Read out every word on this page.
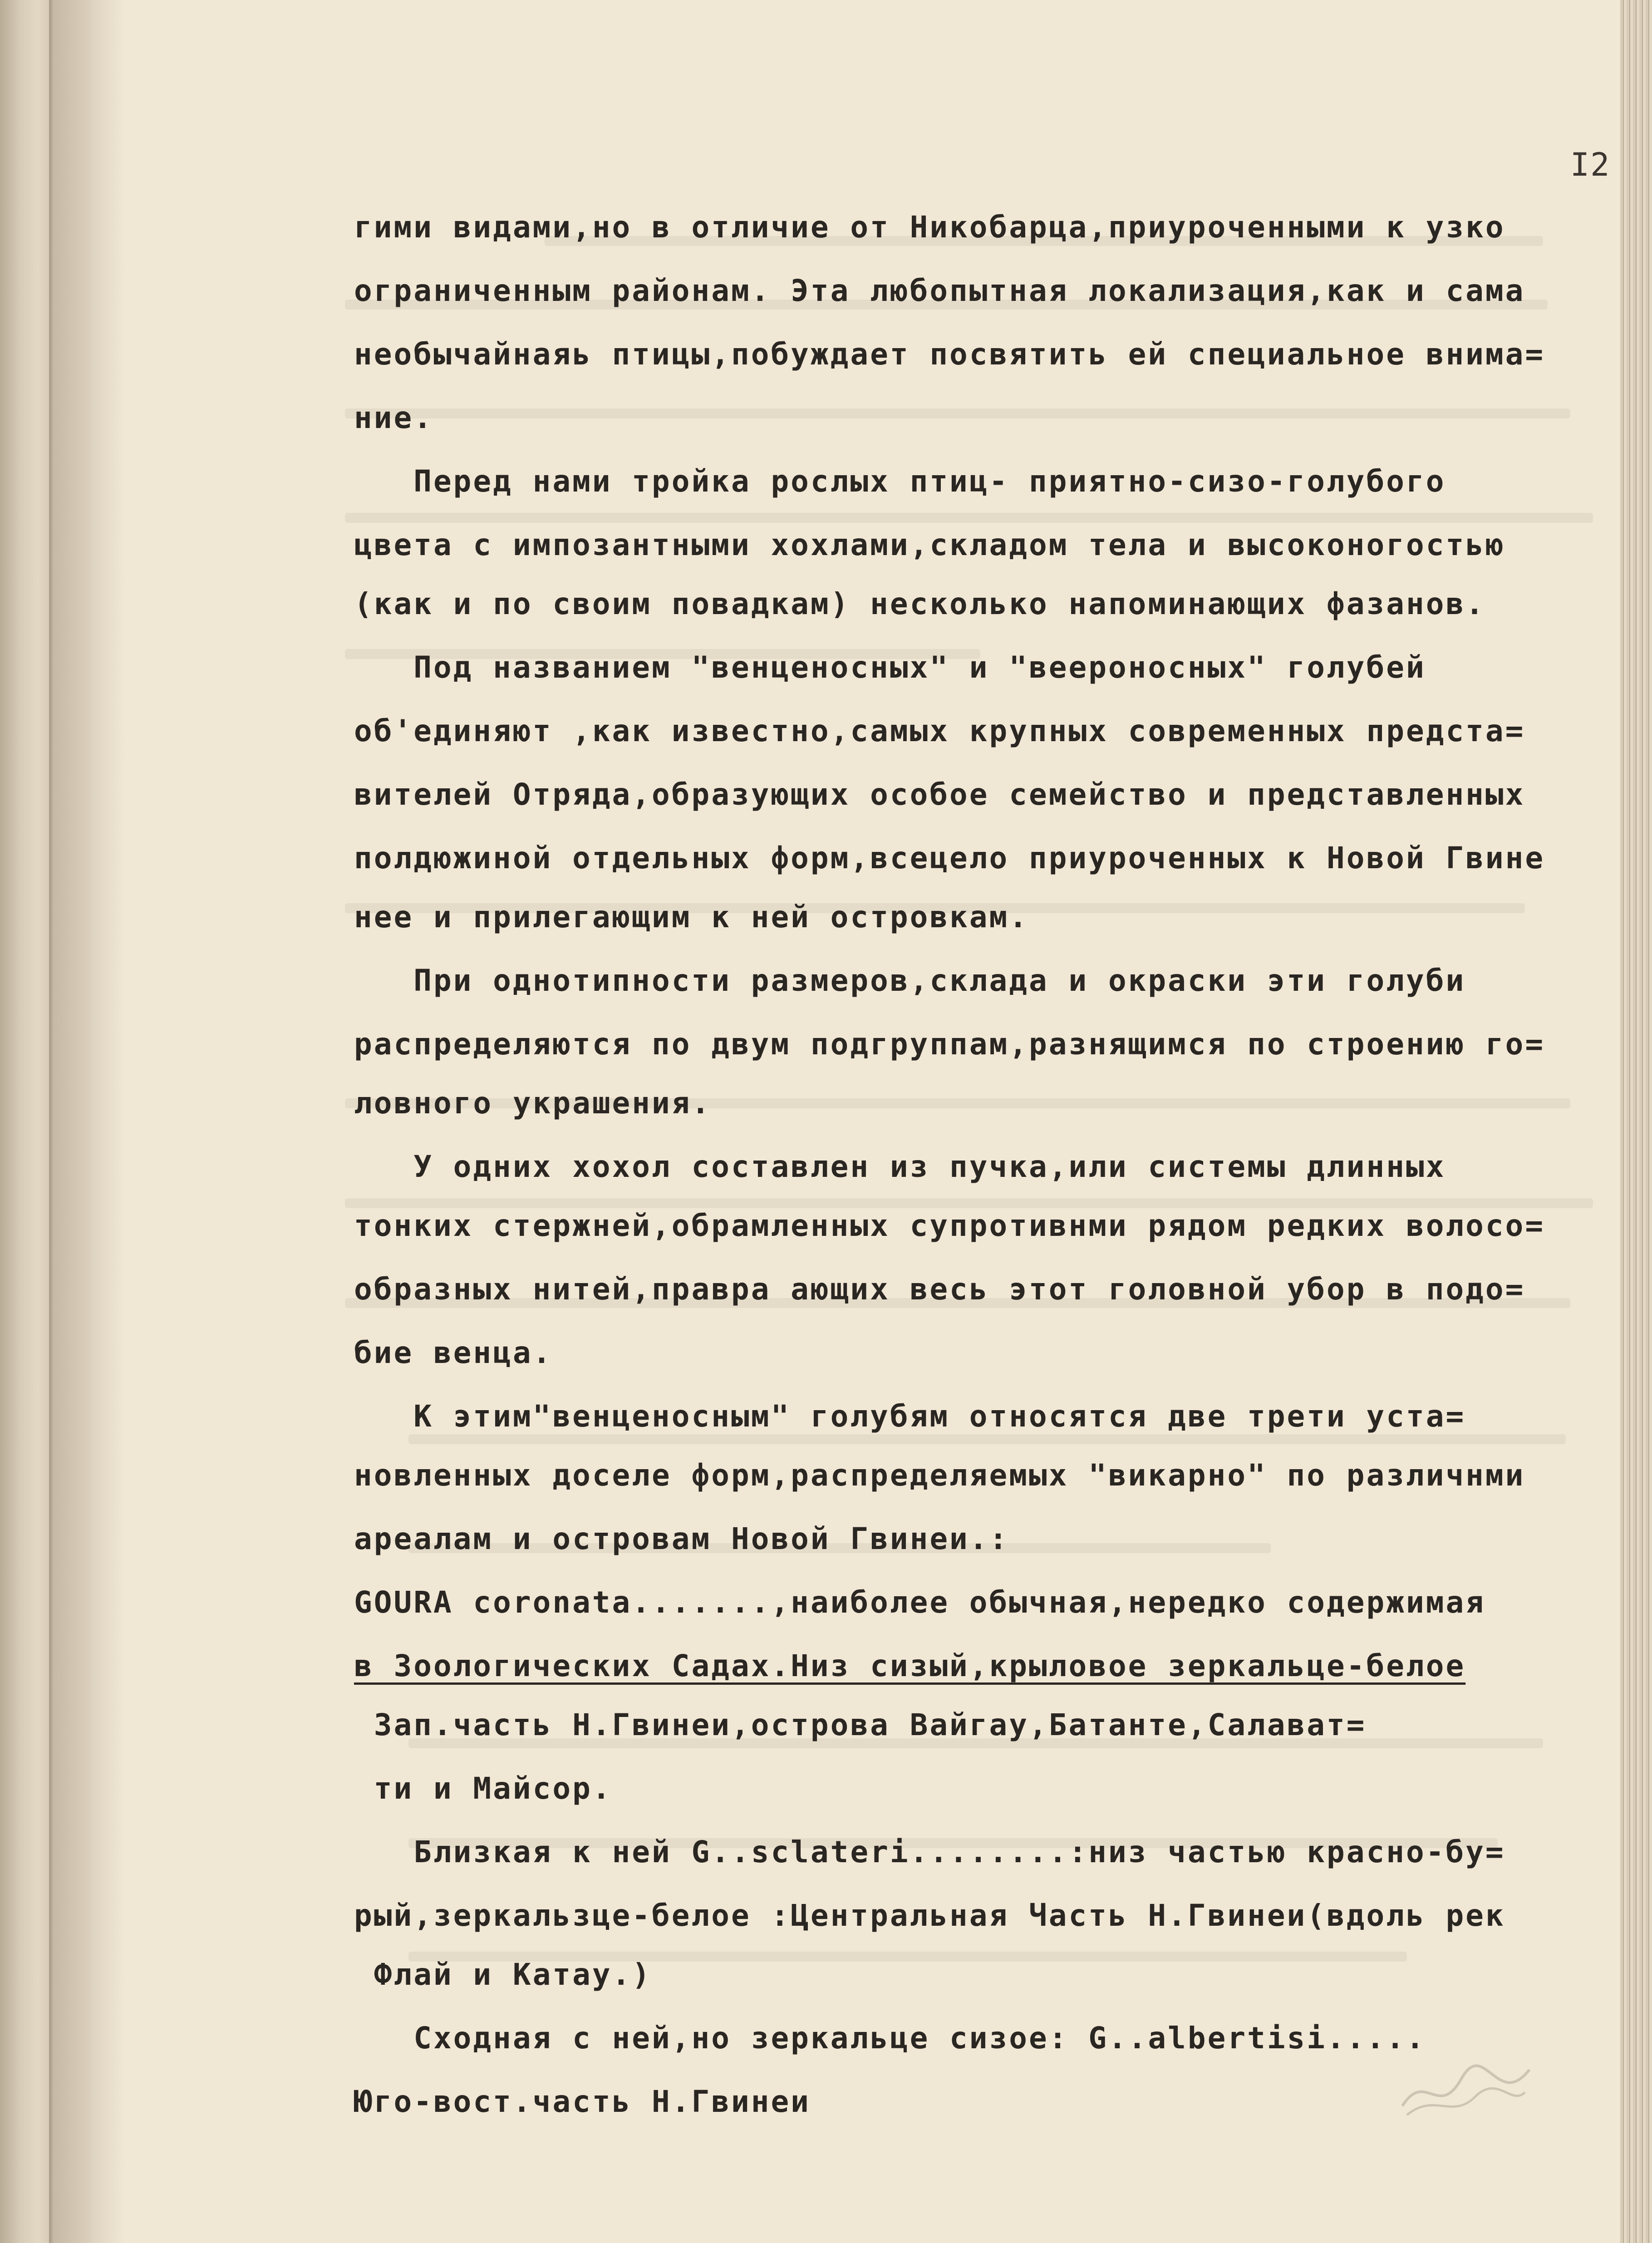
I2
гими видами,но в отличие от Никобарца,приуроченными к узко
ограниченным районам. Эта любопытная локализация,как и сама
необычайнаяь птицы,побуждает посвятить ей специальное внима=
ние.
Перед нами тройка рослых птиц- приятно-сизо-голубого
цвета с импозантными хохлами,складом тела и высоконогостью
(как и по своим повадкам) несколько напоминающих фазанов.
Под названием "венценосных" и "веероносных" голубей
об'единяют ,как известно,самых крупных современных предста=
вителей Отряда,образующих особое семейство и представленных
полдюжиной отдельных форм,всецело приуроченных к Новой Гвине
нее и прилегающим к ней островкам.
При однотипности размеров,склада и окраски эти голуби
распределяются по двум подгруппам,разнящимся по строению го=
ловного украшения.
У одних хохол составлен из пучка,или системы длинных
тонких стержней,обрамленных супротивнми рядом редких волосо=
образных нитей,правра ающих весь этот головной убор в подо=
бие венца.
К этим"венценосным" голубям относятся две трети уста=
новленных доселе форм,распределяемых "викарно" по различнми
ареалам и островам Новой Гвинеи.:
GOURA coronata.......,наиболее обычная,нередко содержимая
в Зоологических Садах.Низ сизый,крыловое зеркальце-белое
Зап.часть Н.Гвинеи,острова Вайгау,Батанте,Салават=
ти и Майсор.
Близкая к ней G..sclateri........:низ частью красно-бу=
рый,зеркальзце-белое :Центральная Часть Н.Гвинеи(вдоль рек
Флай и Катау.)
Сходная с ней,но зеркальце сизое: G..albertisi.....
Юго-вост.часть Н.Гвинеи
